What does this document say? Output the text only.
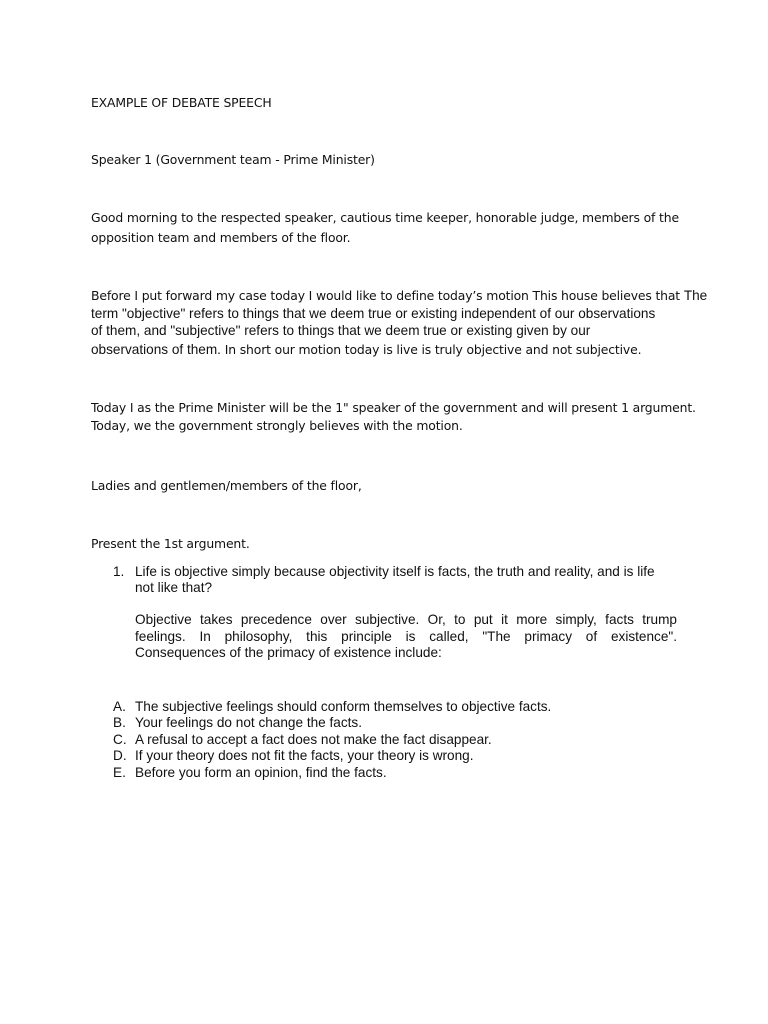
EXAMPLE OF DEBATE SPEECH
Speaker 1 (Government team - Prime Minister)
Good morning to the respected speaker, cautious time keeper, honorable judge, members of the
opposition team and members of the floor.
Before I put forward my case today I would like to define today’s motion This house believes that The
term "objective" refers to things that we deem true or existing independent of our observations
of them, and "subjective" refers to things that we deem true or existing given by our
observations of them. In short our motion today is live is truly objective and not subjective.
Today I as the Prime Minister will be the 1" speaker of the government and will present 1 argument.
Today, we the government strongly believes with the motion.
Ladies and gentlemen/members of the floor,
Present the 1st argument.
1. Life is objective simply because objectivity itself is facts, the truth and reality, and is life
not like that?
Objective takes precedence over subjective. Or, to put it more simply, facts trump
feelings. In philosophy, this principle is called, "The primacy of existence".
Consequences of the primacy of existence include:
A. The subjective feelings should conform themselves to objective facts.
B. Your feelings do not change the facts.
C. A refusal to accept a fact does not make the fact disappear.
D. If your theory does not fit the facts, your theory is wrong.
E. Before you form an opinion, find the facts.
